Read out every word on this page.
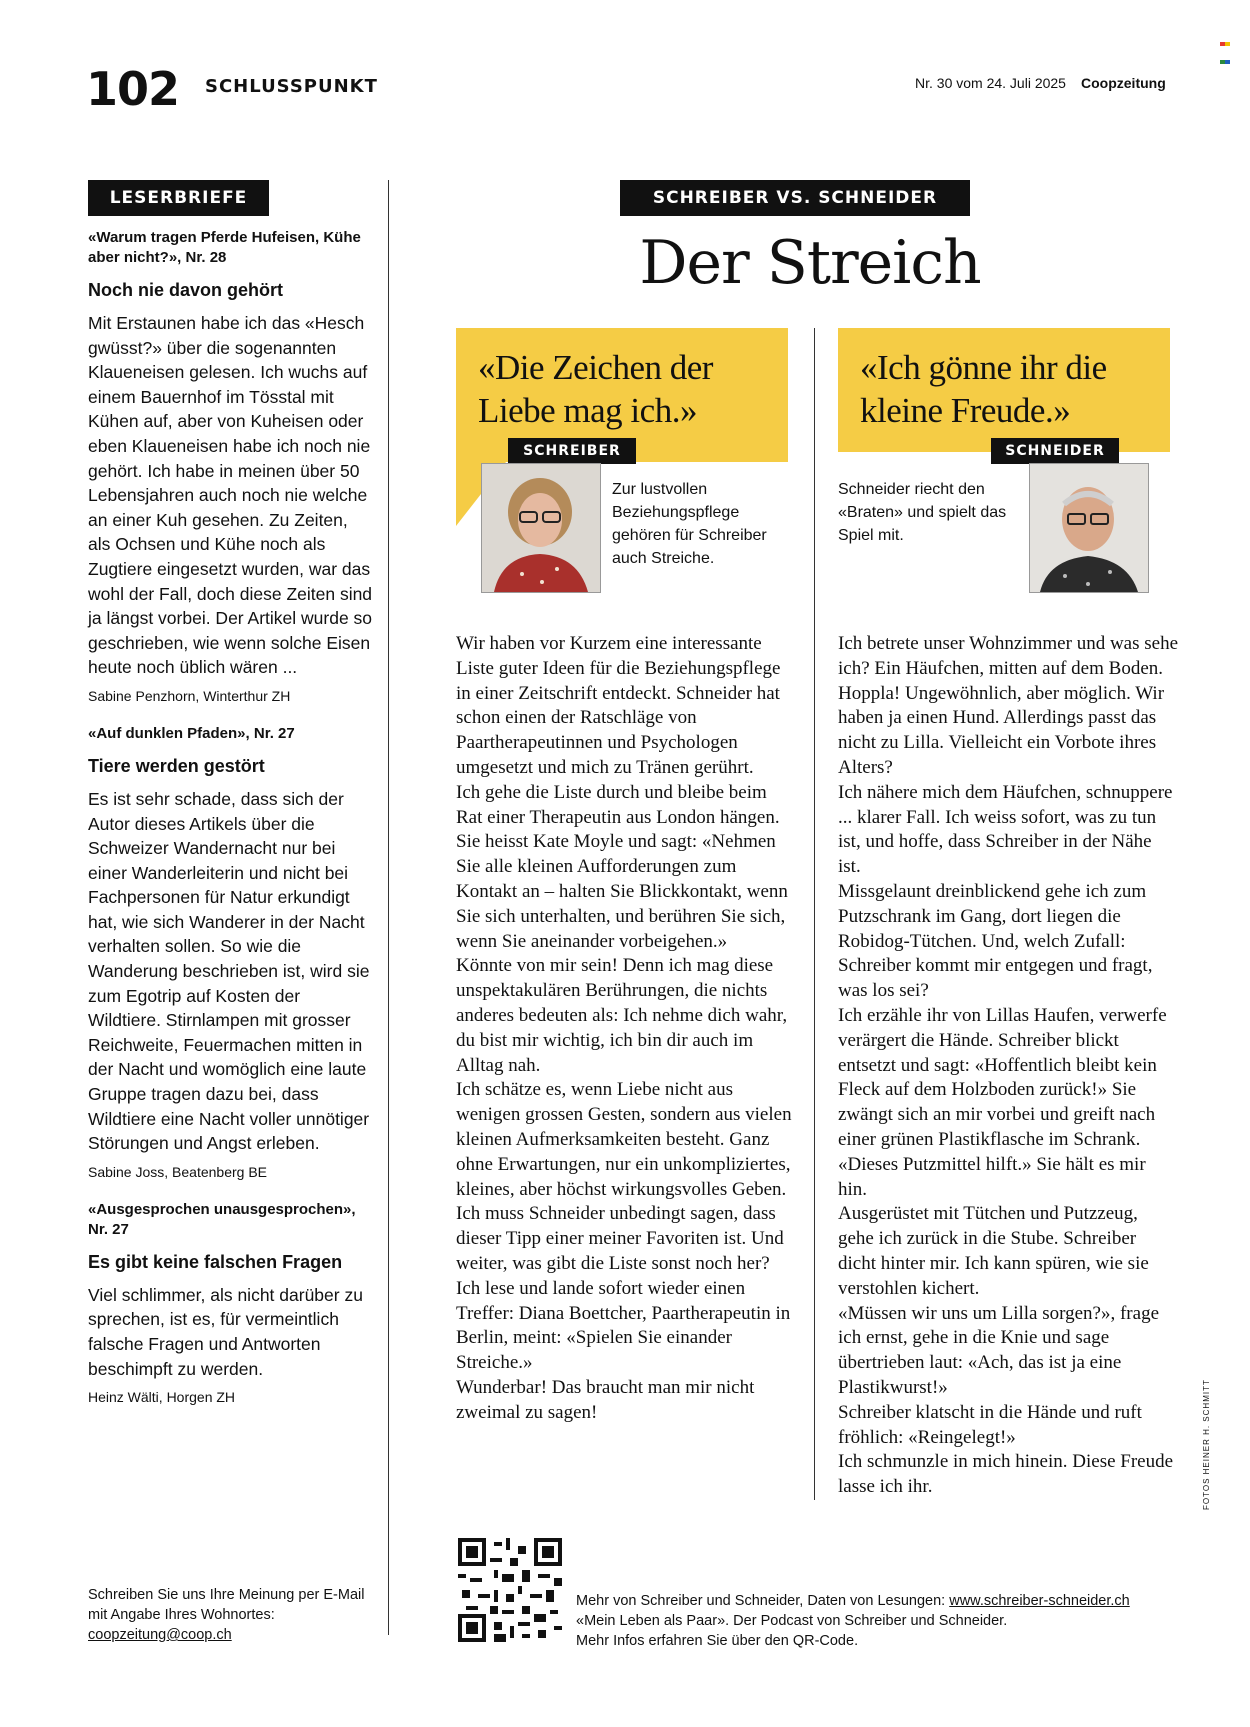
102 SCHLUSSPUNKT	Nr. 30 vom 24. Juli 2025 Coopzeitung

LESERBRIEFE
«Warum tragen Pferde Hufeisen, Kühe aber nicht?», Nr. 28
Noch nie davon gehört
Mit Erstaunen habe ich das «Hesch gwüsst?» über die sogenannten Klaueneisen gelesen. Ich wuchs auf einem Bauernhof im Tösstal mit Kühen auf, aber von Kuheisen oder eben Klaueneisen habe ich noch nie gehört. Ich habe in meinen über 50 Lebensjahren auch noch nie welche an einer Kuh gesehen. Zu Zeiten, als Ochsen und Kühe noch als Zugtiere eingesetzt wurden, war das wohl der Fall, doch diese Zeiten sind ja längst vorbei. Der Artikel wurde so geschrieben, wie wenn solche Eisen heute noch üblich wären ...
Sabine Penzhorn, Winterthur ZH
«Auf dunklen Pfaden», Nr. 27
Tiere werden gestört
Es ist sehr schade, dass sich der Autor dieses Artikels über die Schweizer Wandernacht nur bei einer Wanderleiterin und nicht bei Fachpersonen für Natur erkundigt hat, wie sich Wanderer in der Nacht verhalten sollen. So wie die Wanderung beschrieben ist, wird sie zum Egotrip auf Kosten der Wildtiere. Stirnlampen mit grosser Reichweite, Feuermachen mitten in der Nacht und womöglich eine laute Gruppe tragen dazu bei, dass Wildtiere eine Nacht voller unnötiger Störungen und Angst erleben.
Sabine Joss, Beatenberg BE
«Ausgesprochen unausgesprochen», Nr. 27
Es gibt keine falschen Fragen
Viel schlimmer, als nicht darüber zu sprechen, ist es, für vermeintlich falsche Fragen und Antworten beschimpft zu werden.
Heinz Wälti, Horgen ZH
Schreiben Sie uns Ihre Meinung per E-Mail mit Angabe Ihres Wohnortes:
coopzeitung@coop.ch
SCHREIBER VS. SCHNEIDER
Der Streich
«Die Zeichen der Liebe mag ich.»
SCHREIBER
Zur lustvollen Beziehungspflege gehören für Schreiber auch Streiche.
«Ich gönne ihr die kleine Freude.»
SCHNEIDER
Schneider riecht den «Braten» und spielt das Spiel mit.
Wir haben vor Kurzem eine interessante Liste guter Ideen für die Beziehungspflege in einer Zeitschrift entdeckt. Schneider hat schon einen der Ratschläge von Paartherapeutinnen und Psychologen umgesetzt und mich zu Tränen gerührt.
Ich gehe die Liste durch und bleibe beim Rat einer Therapeutin aus London hängen. Sie heisst Kate Moyle und sagt: «Nehmen Sie alle kleinen Aufforderungen zum Kontakt an – halten Sie Blickkontakt, wenn Sie sich unterhalten, und berühren Sie sich, wenn Sie aneinander vorbeigehen.»
Könnte von mir sein! Denn ich mag diese unspektakulären Berührungen, die nichts anderes bedeuten als: Ich nehme dich wahr, du bist mir wichtig, ich bin dir auch im Alltag nah.
Ich schätze es, wenn Liebe nicht aus wenigen grossen Gesten, sondern aus vielen kleinen Aufmerksamkeiten besteht. Ganz ohne Erwartungen, nur ein unkompliziertes, kleines, aber höchst wirkungsvolles Geben. Ich muss Schneider unbedingt sagen, dass dieser Tipp einer meiner Favoriten ist. Und weiter, was gibt die Liste sonst noch her?
Ich lese und lande sofort wieder einen Treffer: Diana Boettcher, Paartherapeutin in Berlin, meint: «Spielen Sie einander Streiche.»
Wunderbar! Das braucht man mir nicht zweimal zu sagen!
Ich betrete unser Wohnzimmer und was sehe ich? Ein Häufchen, mitten auf dem Boden. Hoppla! Ungewöhnlich, aber möglich. Wir haben ja einen Hund. Allerdings passt das nicht zu Lilla. Vielleicht ein Vorbote ihres Alters?
Ich nähere mich dem Häufchen, schnuppere ... klarer Fall. Ich weiss sofort, was zu tun ist, und hoffe, dass Schreiber in der Nähe ist.
Missgelaunt dreinblickend gehe ich zum Putzschrank im Gang, dort liegen die Robidog-Tütchen. Und, welch Zufall: Schreiber kommt mir entgegen und fragt, was los sei?
Ich erzähle ihr von Lillas Haufen, verwerfe verärgert die Hände. Schreiber blickt entsetzt und sagt: «Hoffentlich bleibt kein Fleck auf dem Holzboden zurück!» Sie zwängt sich an mir vorbei und greift nach einer grünen Plastikflasche im Schrank. «Dieses Putzmittel hilft.» Sie hält es mir hin.
Ausgerüstet mit Tütchen und Putzzeug, gehe ich zurück in die Stube. Schreiber dicht hinter mir. Ich kann spüren, wie sie verstohlen kichert.
«Müssen wir uns um Lilla sorgen?», frage ich ernst, gehe in die Knie und sage übertrieben laut: «Ach, das ist ja eine Plastikwurst!»
Schreiber klatscht in die Hände und ruft fröhlich: «Reingelegt!»
Ich schmunzle in mich hinein. Diese Freude lasse ich ihr.
Mehr von Schreiber und Schneider, Daten von Lesungen: www.schreiber-schneider.ch
«Mein Leben als Paar». Der Podcast von Schreiber und Schneider.
Mehr Infos erfahren Sie über den QR-Code.
FOTOS HEINER H. SCHMITT
